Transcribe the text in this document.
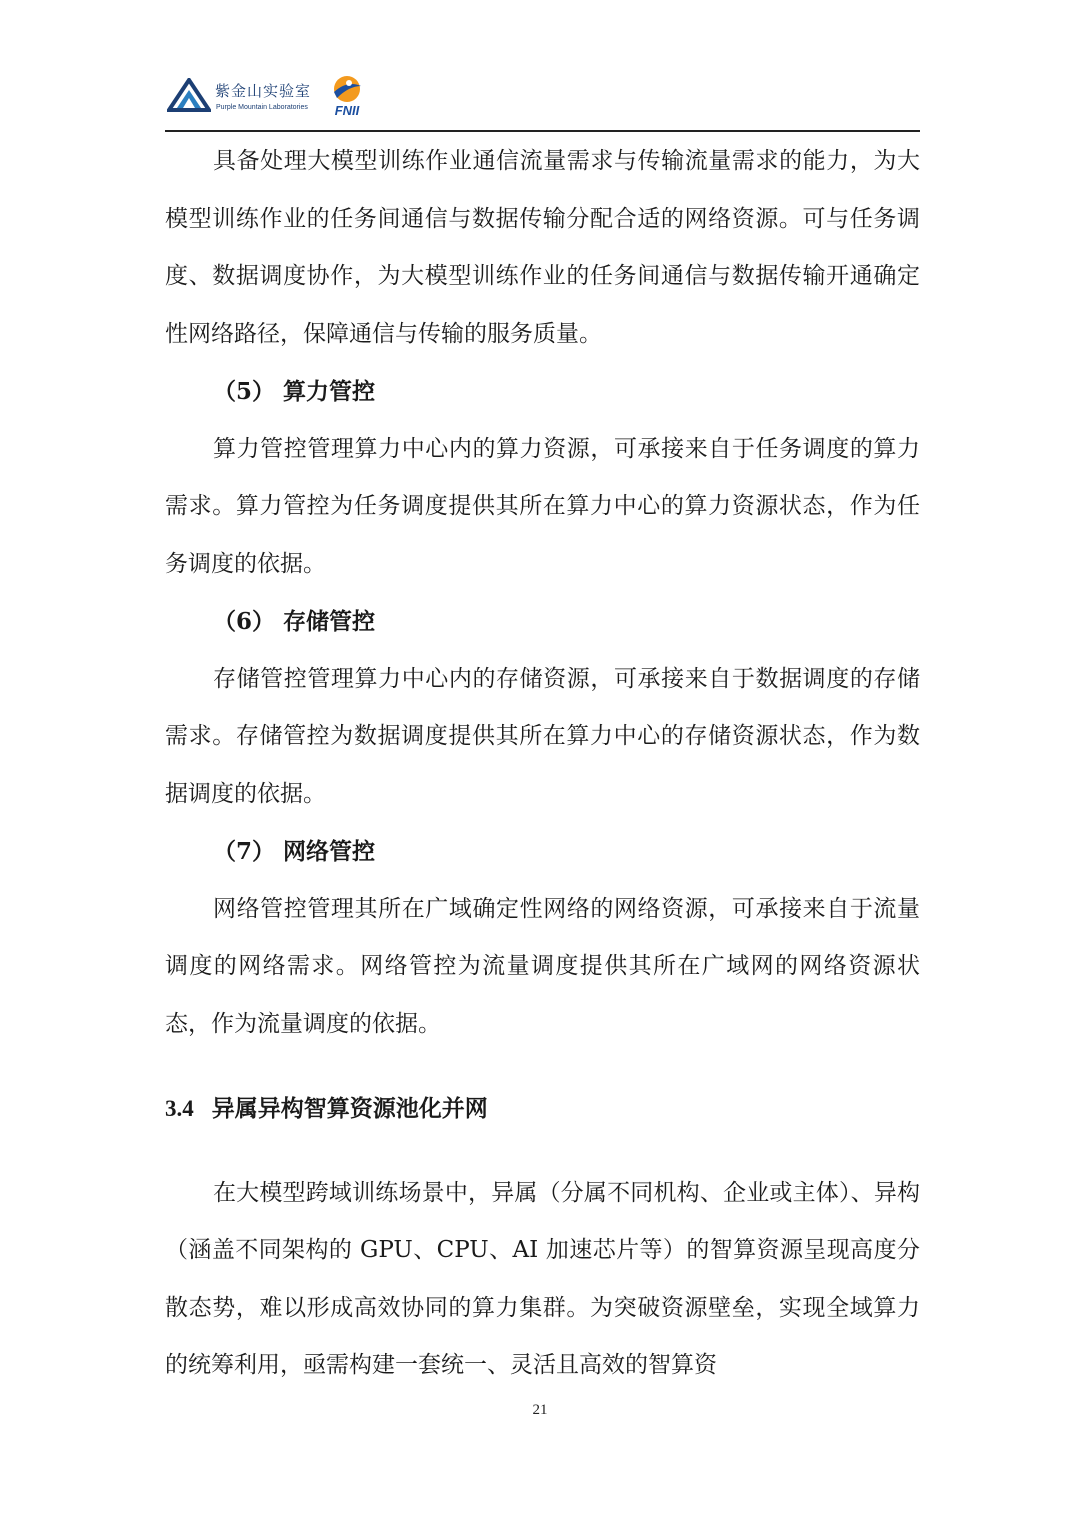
紫金山实验室
Purple Mountain Laboratories	FNII

具备处理大模型训练作业通信流量需求与传输流量需求的能力，为大模型训练作业的任务间通信与数据传输分配合适的网络资源。可与任务调度、数据调度协作，为大模型训练作业的任务间通信与数据传输开通确定性网络路径，保障通信与传输的服务质量。

（5） 算力管控

算力管控管理算力中心内的算力资源，可承接来自于任务调度的算力需求。算力管控为任务调度提供其所在算力中心的算力资源状态，作为任务调度的依据。

（6） 存储管控

存储管控管理算力中心内的存储资源，可承接来自于数据调度的存储需求。存储管控为数据调度提供其所在算力中心的存储资源状态，作为数据调度的依据。

（7） 网络管控

网络管控管理其所在广域确定性网络的网络资源，可承接来自于流量调度的网络需求。网络管控为流量调度提供其所在广域网的网络资源状态，作为流量调度的依据。

3.4 异属异构智算资源池化并网

在大模型跨域训练场景中，异属（分属不同机构、企业或主体）、异构（涵盖不同架构的 GPU、CPU、AI 加速芯片等）的智算资源呈现高度分散态势，难以形成高效协同的算力集群。为突破资源壁垒，实现全域算力的统筹利用，亟需构建一套统一、灵活且高效的智算资

21
